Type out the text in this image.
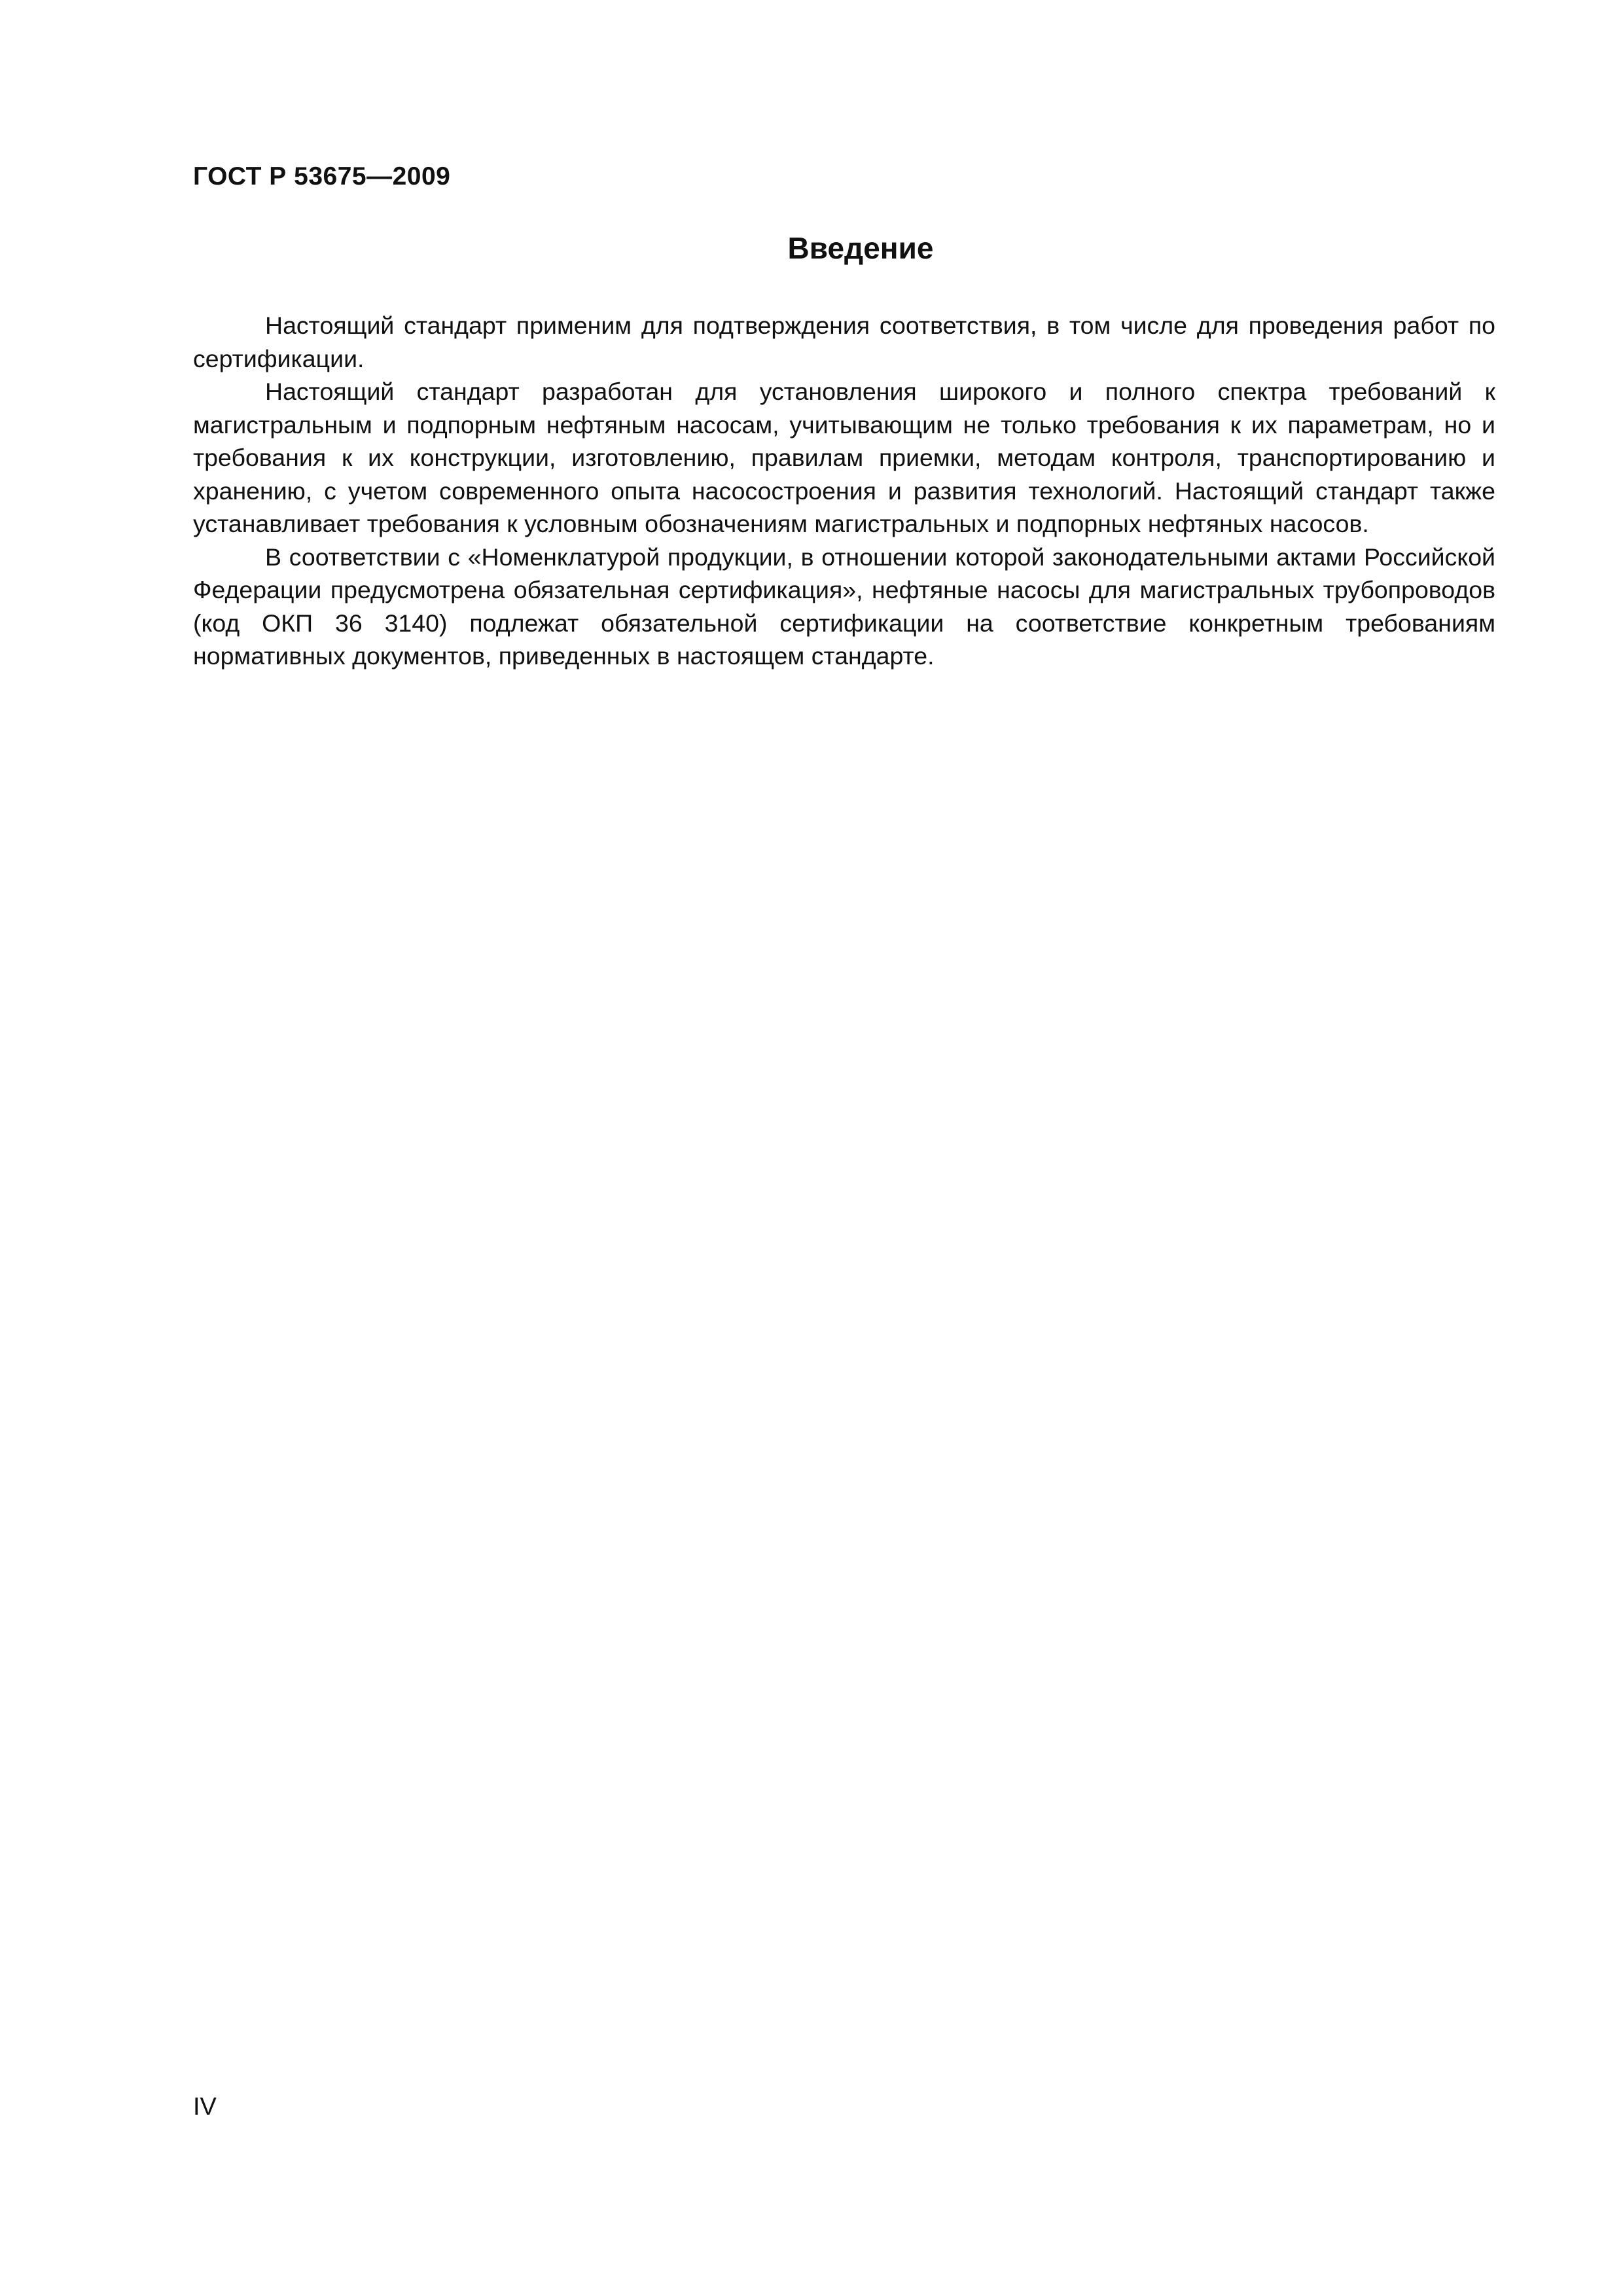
ГОСТ Р 53675—2009
Введение

Настоящий стандарт применим для подтверждения соответствия, в том числе для проведения работ по сертификации.

Настоящий стандарт разработан для установления широкого и полного спектра требований к магистральным и подпорным нефтяным насосам, учитывающим не только требования к их параметрам, но и требования к их конструкции, изготовлению, правилам приемки, методам контроля, транспортированию и хранению, с учетом современного опыта насосостроения и развития технологий. Настоящий стандарт также устанавливает требования к условным обозначениям магистральных и подпорных нефтяных насосов.

В соответствии с «Номенклатурой продукции, в отношении которой законодательными актами Российской Федерации предусмотрена обязательная сертификация», нефтяные насосы для магистральных трубопроводов (код ОКП 36 3140) подлежат обязательной сертификации на соответствие конкретным требованиям нормативных документов, приведенных в настоящем стандарте.

IV
